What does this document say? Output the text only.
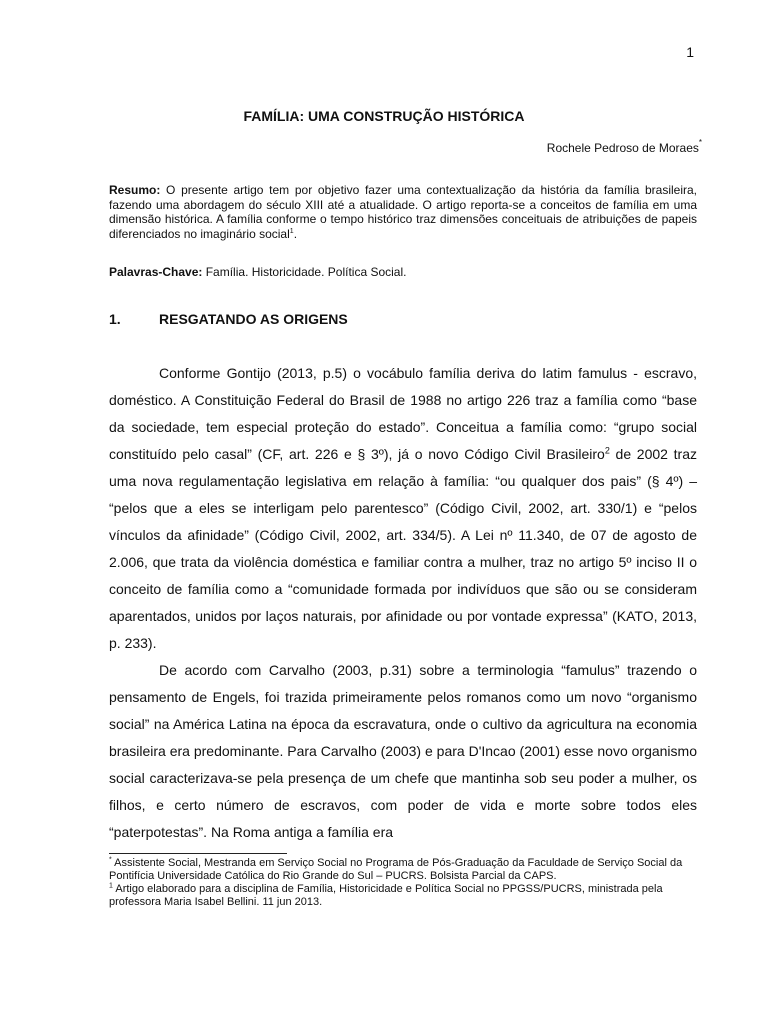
1
FAMÍLIA: UMA CONSTRUÇÃO HISTÓRICA
Rochele Pedroso de Moraes*
Resumo: O presente artigo tem por objetivo fazer uma contextualização da história da família brasileira, fazendo uma abordagem do século XIII até a atualidade. O artigo reporta-se a conceitos de família em uma dimensão histórica. A família conforme o tempo histórico traz dimensões conceituais de atribuições de papeis diferenciados no imaginário social$^1$.
Palavras-Chave: Família. Historicidade. Política Social.
1.	RESGATANDO AS ORIGENS

Conforme Gontijo (2013, p.5) o vocábulo família deriva do latim famulus - escravo, doméstico. A Constituição Federal do Brasil de 1988 no artigo 226 traz a família como “base da sociedade, tem especial proteção do estado”. Conceitua a família como: “grupo social constituído pelo casal” (CF, art. 226 e § 3º), já o novo Código Civil Brasileiro$^2$ de 2002 traz uma nova regulamentação legislativa em relação à família: “ou qualquer dos pais” (§ 4º) – “pelos que a eles se interligam pelo parentesco” (Código Civil, 2002, art. 330/1) e “pelos vínculos da afinidade” (Código Civil, 2002, art. 334/5). A Lei nº 11.340, de 07 de agosto de 2.006, que trata da violência doméstica e familiar contra a mulher, traz no artigo 5º inciso II o conceito de família como a “comunidade formada por indivíduos que são ou se consideram aparentados, unidos por laços naturais, por afinidade ou por vontade expressa” (KATO, 2013, p. 233).

De acordo com Carvalho (2003, p.31) sobre a terminologia “famulus” trazendo o pensamento de Engels, foi trazida primeiramente pelos romanos como um novo “organismo social” na América Latina na época da escravatura, onde o cultivo da agricultura na economia brasileira era predominante. Para Carvalho (2003) e para D'Incao (2001) esse novo organismo social caracterizava-se pela presença de um chefe que mantinha sob seu poder a mulher, os filhos, e certo número de escravos, com poder de vida e morte sobre todos eles “paterpotestas”. Na Roma antiga a família era

* Assistente Social, Mestranda em Serviço Social no Programa de Pós-Graduação da Faculdade de Serviço Social da Pontifícia Universidade Católica do Rio Grande do Sul – PUCRS. Bolsista Parcial da CAPS.

$^1$ Artigo elaborado para a disciplina de Família, Historicidade e Política Social no PPGSS/PUCRS, ministrada pela professora Maria Isabel Bellini. 11 jun 2013.
